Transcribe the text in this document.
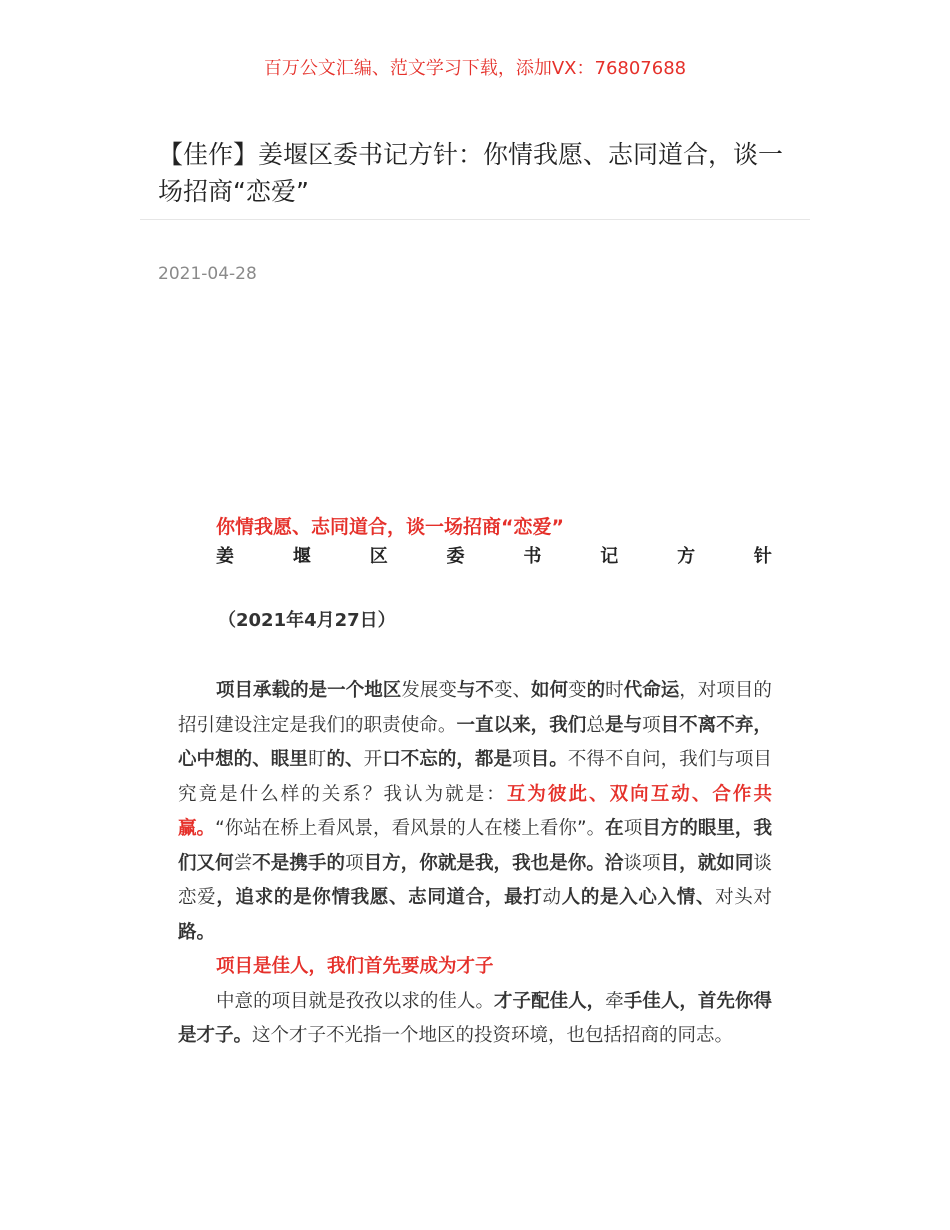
百万公文汇编、范文学习下载，添加VX：76807688
【佳作】姜堰区委书记方针：你情我愿、志同道合，谈一场招商“恋爱”
2021-04-28
你情我愿、志同道合，谈一场招商“恋爱”
姜	堰	区	委	书	记	方	针
（2021年4月27日）
项目承载的是一个地区发展变与不变、如何变的时代命运，对项目的招引建设注定是我们的职责使命。一直以来，我们总是与项目不离不弃，心中想的、眼里盯的、开口不忘的，都是项目。不得不自问，我们与项目究竟是什么样的关系？我认为就是：互为彼此、双向互动、合作共赢。“你站在桥上看风景，看风景的人在楼上看你”。在项目方的眼里，我们又何尝不是携手的项目方，你就是我，我也是你。洽谈项目，就如同谈恋爱，追求的是你情我愿、志同道合，最打动人的是入心入情、对头对路。
项目是佳人，我们首先要成为才子
中意的项目就是孜孜以求的佳人。才子配佳人，牵手佳人，首先你得是才子。这个才子不光指一个地区的投资环境，也包括招商的同志。
